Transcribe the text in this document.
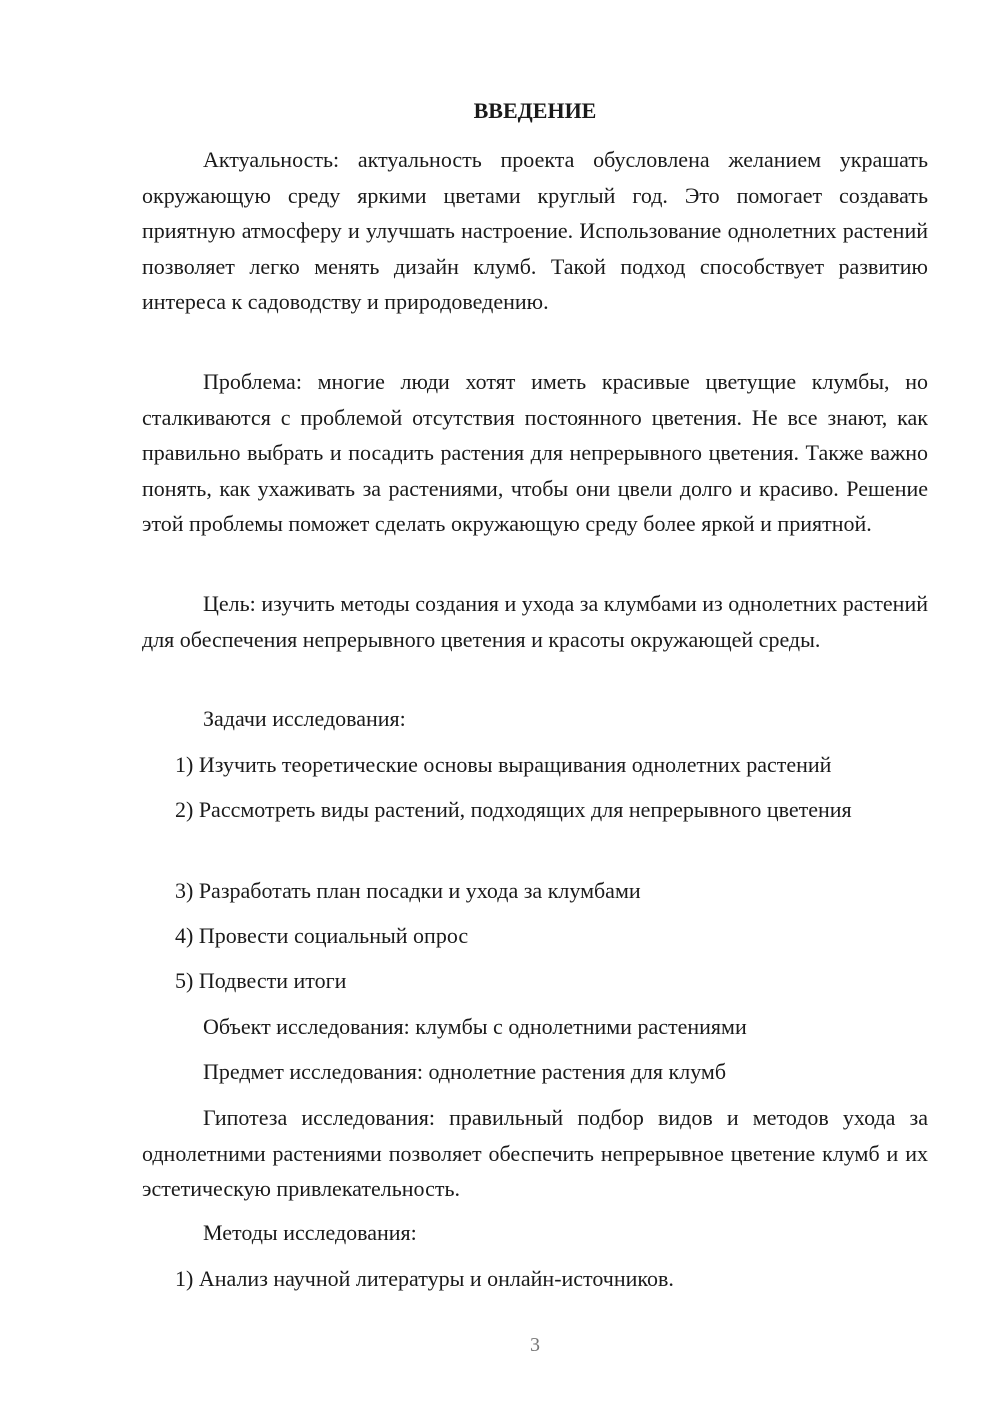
ВВЕДЕНИЕ
Актуальность: актуальность проекта обусловлена желанием украшать окружающую среду яркими цветами круглый год. Это помогает создавать приятную атмосферу и улучшать настроение. Использование однолетних растений позволяет легко менять дизайн клумб. Такой подход способствует развитию интереса к садоводству и природоведению.
Проблема: многие люди хотят иметь красивые цветущие клумбы, но сталкиваются с проблемой отсутствия постоянного цветения. Не все знают, как правильно выбрать и посадить растения для непрерывного цветения. Также важно понять, как ухаживать за растениями, чтобы они цвели долго и красиво. Решение этой проблемы поможет сделать окружающую среду более яркой и приятной.
Цель: изучить методы создания и ухода за клумбами из однолетних растений для обеспечения непрерывного цветения и красоты окружающей среды.
Задачи исследования:
1) Изучить теоретические основы выращивания однолетних растений
2) Рассмотреть виды растений, подходящих для непрерывного цветения
3) Разработать план посадки и ухода за клумбами
4) Провести социальный опрос
5) Подвести итоги
Объект исследования: клумбы с однолетними растениями
Предмет исследования: однолетние растения для клумб
Гипотеза исследования: правильный подбор видов и методов ухода за однолетними растениями позволяет обеспечить непрерывное цветение клумб и их эстетическую привлекательность.
Методы исследования:
1) Анализ научной литературы и онлайн-источников.
3
